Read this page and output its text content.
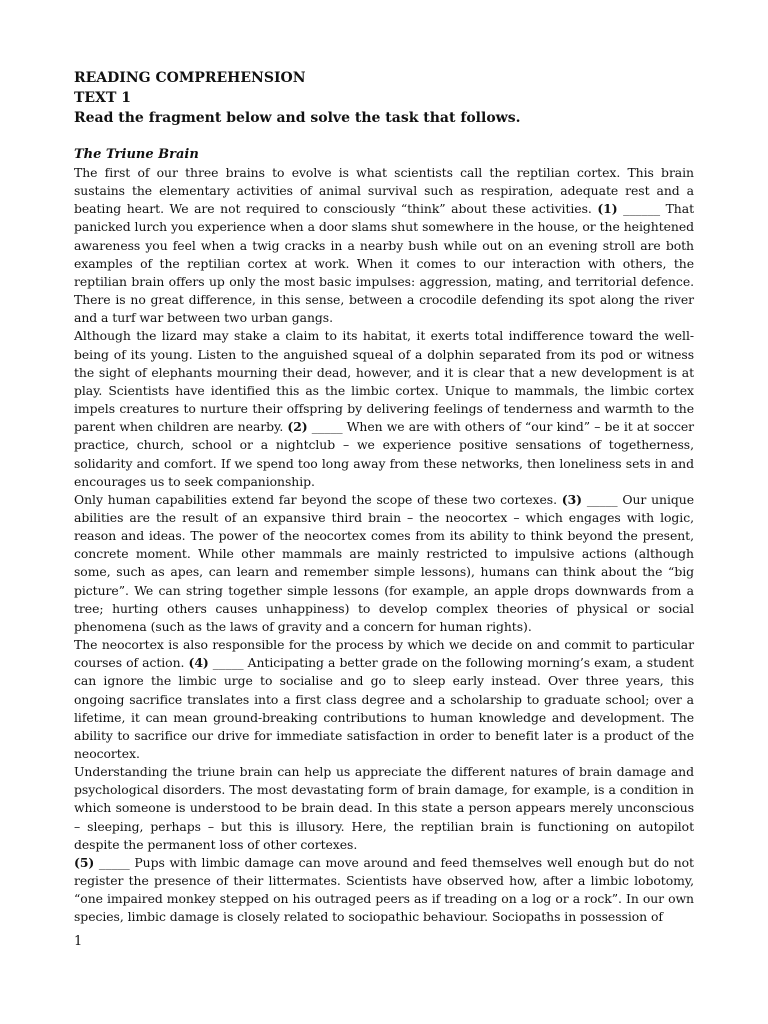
READING COMPREHENSION

TEXT 1

Read the fragment below and solve the task that follows.

The Triune Brain

The first of our three brains to evolve is what scientists call the reptilian cortex. This brain sustains the elementary activities of animal survival such as respiration, adequate rest and a beating heart. We are not required to consciously “think” about these activities. (1) ______ That panicked lurch you experience when a door slams shut somewhere in the house, or the heightened awareness you feel when a twig cracks in a nearby bush while out on an evening stroll are both examples of the reptilian cortex at work. When it comes to our interaction with others, the reptilian brain offers up only the most basic impulses: aggression, mating, and territorial defence. There is no great difference, in this sense, between a crocodile defending its spot along the river and a turf war between two urban gangs.

Although the lizard may stake a claim to its habitat, it exerts total indifference toward the well-being of its young. Listen to the anguished squeal of a dolphin separated from its pod or witness the sight of elephants mourning their dead, however, and it is clear that a new development is at play. Scientists have identified this as the limbic cortex. Unique to mammals, the limbic cortex impels creatures to nurture their offspring by delivering feelings of tenderness and warmth to the parent when children are nearby. (2) _____ When we are with others of “our kind” – be it at soccer practice, church, school or a nightclub – we experience positive sensations of togetherness, solidarity and comfort. If we spend too long away from these networks, then loneliness sets in and encourages us to seek companionship.

Only human capabilities extend far beyond the scope of these two cortexes. (3) _____ Our unique abilities are the result of an expansive third brain – the neocortex – which engages with logic, reason and ideas. The power of the neocortex comes from its ability to think beyond the present, concrete moment. While other mammals are mainly restricted to impulsive actions (although some, such as apes, can learn and remember simple lessons), humans can think about the “big picture”. We can string together simple lessons (for example, an apple drops downwards from a tree; hurting others causes unhappiness) to develop complex theories of physical or social phenomena (such as the laws of gravity and a concern for human rights).

The neocortex is also responsible for the process by which we decide on and commit to particular courses of action. (4) _____ Anticipating a better grade on the following morning’s exam, a student can ignore the limbic urge to socialise and go to sleep early instead. Over three years, this ongoing sacrifice translates into a first class degree and a scholarship to graduate school; over a lifetime, it can mean ground-breaking contributions to human knowledge and development. The ability to sacrifice our drive for immediate satisfaction in order to benefit later is a product of the neocortex.

Understanding the triune brain can help us appreciate the different natures of brain damage and psychological disorders. The most devastating form of brain damage, for example, is a condition in which someone is understood to be brain dead. In this state a person appears merely unconscious – sleeping, perhaps – but this is illusory. Here, the reptilian brain is functioning on autopilot despite the permanent loss of other cortexes.

(5) _____ Pups with limbic damage can move around and feed themselves well enough but do not register the presence of their littermates. Scientists have observed how, after a limbic lobotomy, “one impaired monkey stepped on his outraged peers as if treading on a log or a rock”. In our own species, limbic damage is closely related to sociopathic behaviour. Sociopaths in possession of

1
